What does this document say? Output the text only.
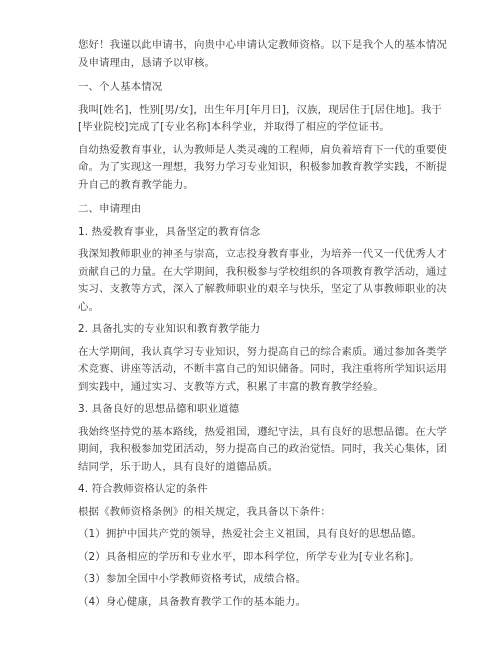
您好！我谨以此申请书，向贵中心申请认定教师资格。以下是我个人的基本情况及申请理由，恳请予以审核。

一、个人基本情况

我叫[姓名]，性别[男/女]，出生年月[年月日]，汉族，现居住于[居住地]。我于[毕业院校]完成了[专业名称]本科学业，并取得了相应的学位证书。

自幼热爱教育事业，认为教师是人类灵魂的工程师，肩负着培育下一代的重要使命。为了实现这一理想，我努力学习专业知识，积极参加教育教学实践，不断提升自己的教育教学能力。

二、申请理由

1. 热爱教育事业，具备坚定的教育信念

我深知教师职业的神圣与崇高，立志投身教育事业，为培养一代又一代优秀人才贡献自己的力量。在大学期间，我积极参与学校组织的各项教育教学活动，通过实习、支教等方式，深入了解教师职业的艰辛与快乐，坚定了从事教师职业的决心。

2. 具备扎实的专业知识和教育教学能力

在大学期间，我认真学习专业知识，努力提高自己的综合素质。通过参加各类学术竞赛、讲座等活动，不断丰富自己的知识储备。同时，我注重将所学知识运用到实践中，通过实习、支教等方式，积累了丰富的教育教学经验。

3. 具备良好的思想品德和职业道德

我始终坚持党的基本路线，热爱祖国，遵纪守法，具有良好的思想品德。在大学期间，我积极参加党团活动，努力提高自己的政治觉悟。同时，我关心集体，团结同学，乐于助人，具有良好的道德品质。

4. 符合教师资格认定的条件

根据《教师资格条例》的相关规定，我具备以下条件：

（1）拥护中国共产党的领导，热爱社会主义祖国，具有良好的思想品德。

（2）具备相应的学历和专业水平，即本科学位，所学专业为[专业名称]。

（3）参加全国中小学教师资格考试，成绩合格。

（4）身心健康，具备教育教学工作的基本能力。
